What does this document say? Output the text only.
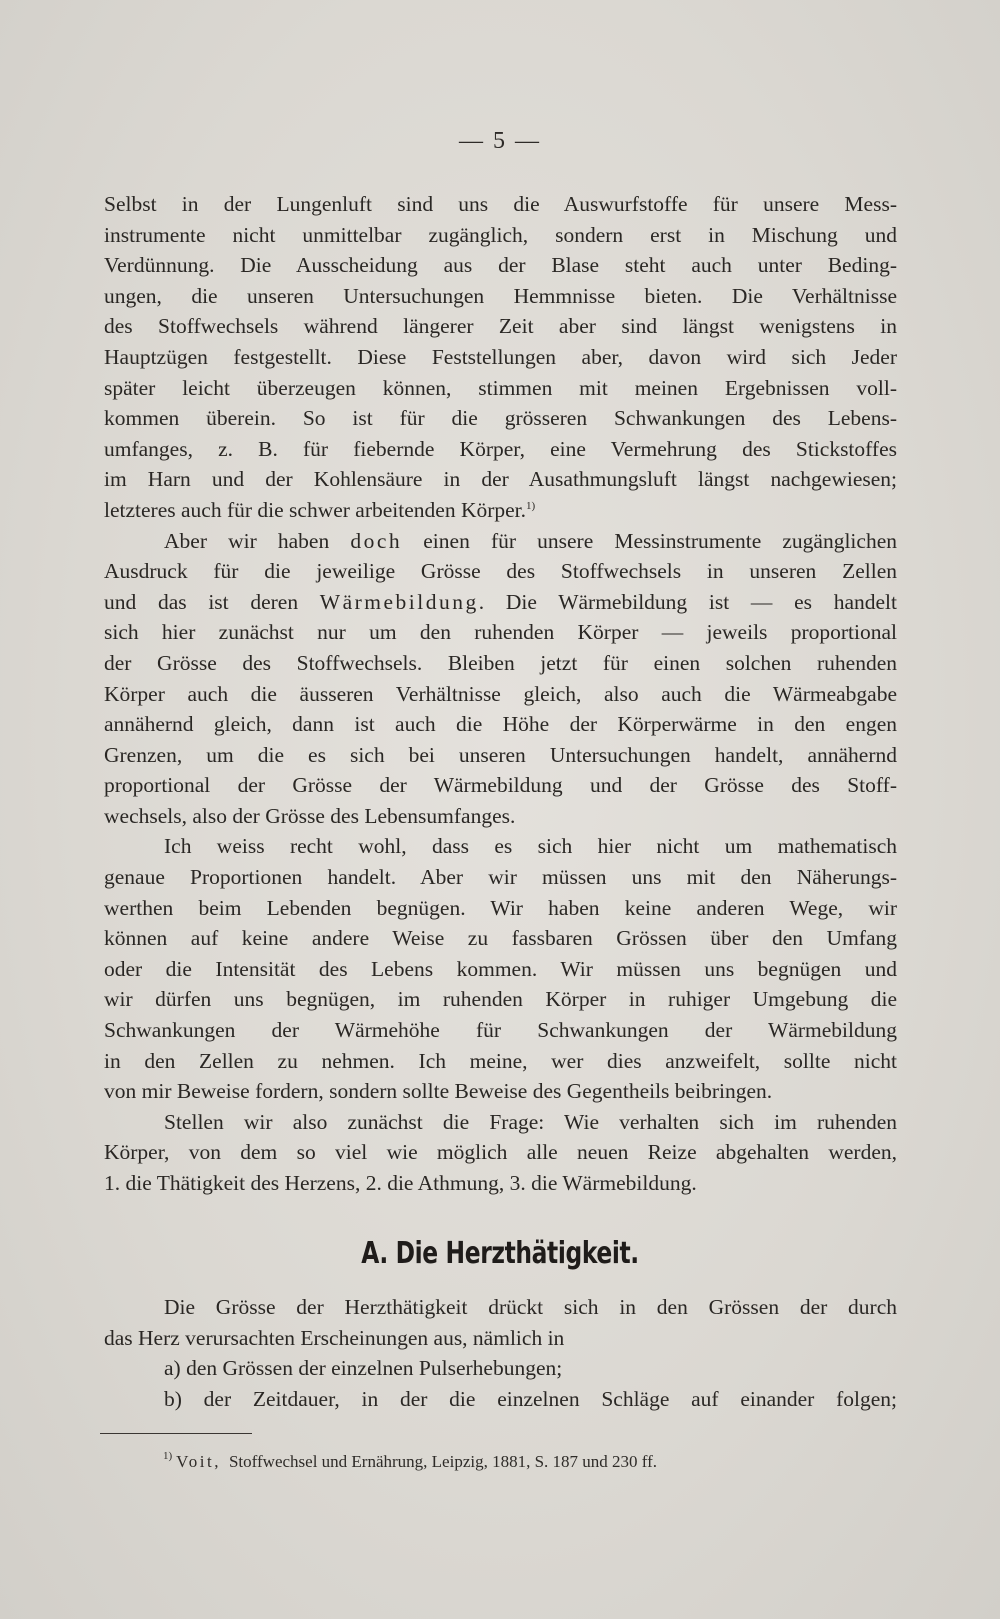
— 5 —
Selbst in der Lungenluft sind uns die Auswurfstoffe für unsere Mess-
instrumente nicht unmittelbar zugänglich, sondern erst in Mischung und
Verdünnung. Die Ausscheidung aus der Blase steht auch unter Beding-
ungen, die unseren Untersuchungen Hemmnisse bieten. Die Verhältnisse
des Stoffwechsels während längerer Zeit aber sind längst wenigstens in
Hauptzügen festgestellt. Diese Feststellungen aber, davon wird sich Jeder
später leicht überzeugen können, stimmen mit meinen Ergebnissen voll-
kommen überein. So ist für die grösseren Schwankungen des Lebens-
umfanges, z. B. für fiebernde Körper, eine Vermehrung des Stickstoffes
im Harn und der Kohlensäure in der Ausathmungsluft längst nachgewiesen;
letzteres auch für die schwer arbeitenden Körper.$^{1)}$
Aber wir haben doch einen für unsere Messinstrumente zugänglichen
Ausdruck für die jeweilige Grösse des Stoffwechsels in unseren Zellen
und das ist deren Wärmebildung. Die Wärmebildung ist — es handelt
sich hier zunächst nur um den ruhenden Körper — jeweils proportional
der Grösse des Stoffwechsels. Bleiben jetzt für einen solchen ruhenden
Körper auch die äusseren Verhältnisse gleich, also auch die Wärmeabgabe
annähernd gleich, dann ist auch die Höhe der Körperwärme in den engen
Grenzen, um die es sich bei unseren Untersuchungen handelt, annähernd
proportional der Grösse der Wärmebildung und der Grösse des Stoff-
wechsels, also der Grösse des Lebensumfanges.
Ich weiss recht wohl, dass es sich hier nicht um mathematisch
genaue Proportionen handelt. Aber wir müssen uns mit den Näherungs-
werthen beim Lebenden begnügen. Wir haben keine anderen Wege, wir
können auf keine andere Weise zu fassbaren Grössen über den Umfang
oder die Intensität des Lebens kommen. Wir müssen uns begnügen und
wir dürfen uns begnügen, im ruhenden Körper in ruhiger Umgebung die
Schwankungen der Wärmehöhe für Schwankungen der Wärmebildung
in den Zellen zu nehmen. Ich meine, wer dies anzweifelt, sollte nicht
von mir Beweise fordern, sondern sollte Beweise des Gegentheils beibringen.
Stellen wir also zunächst die Frage: Wie verhalten sich im ruhenden
Körper, von dem so viel wie möglich alle neuen Reize abgehalten werden,
1. die Thätigkeit des Herzens, 2. die Athmung, 3. die Wärmebildung.
A. Die Herzthätigkeit.
Die Grösse der Herzthätigkeit drückt sich in den Grössen der durch
das Herz verursachten Erscheinungen aus, nämlich in
a) den Grössen der einzelnen Pulserhebungen;
b) der Zeitdauer, in der die einzelnen Schläge auf einander folgen;
$^{1)}$ Voit, Stoffwechsel und Ernährung, Leipzig, 1881, S. 187 und 230 ff.
